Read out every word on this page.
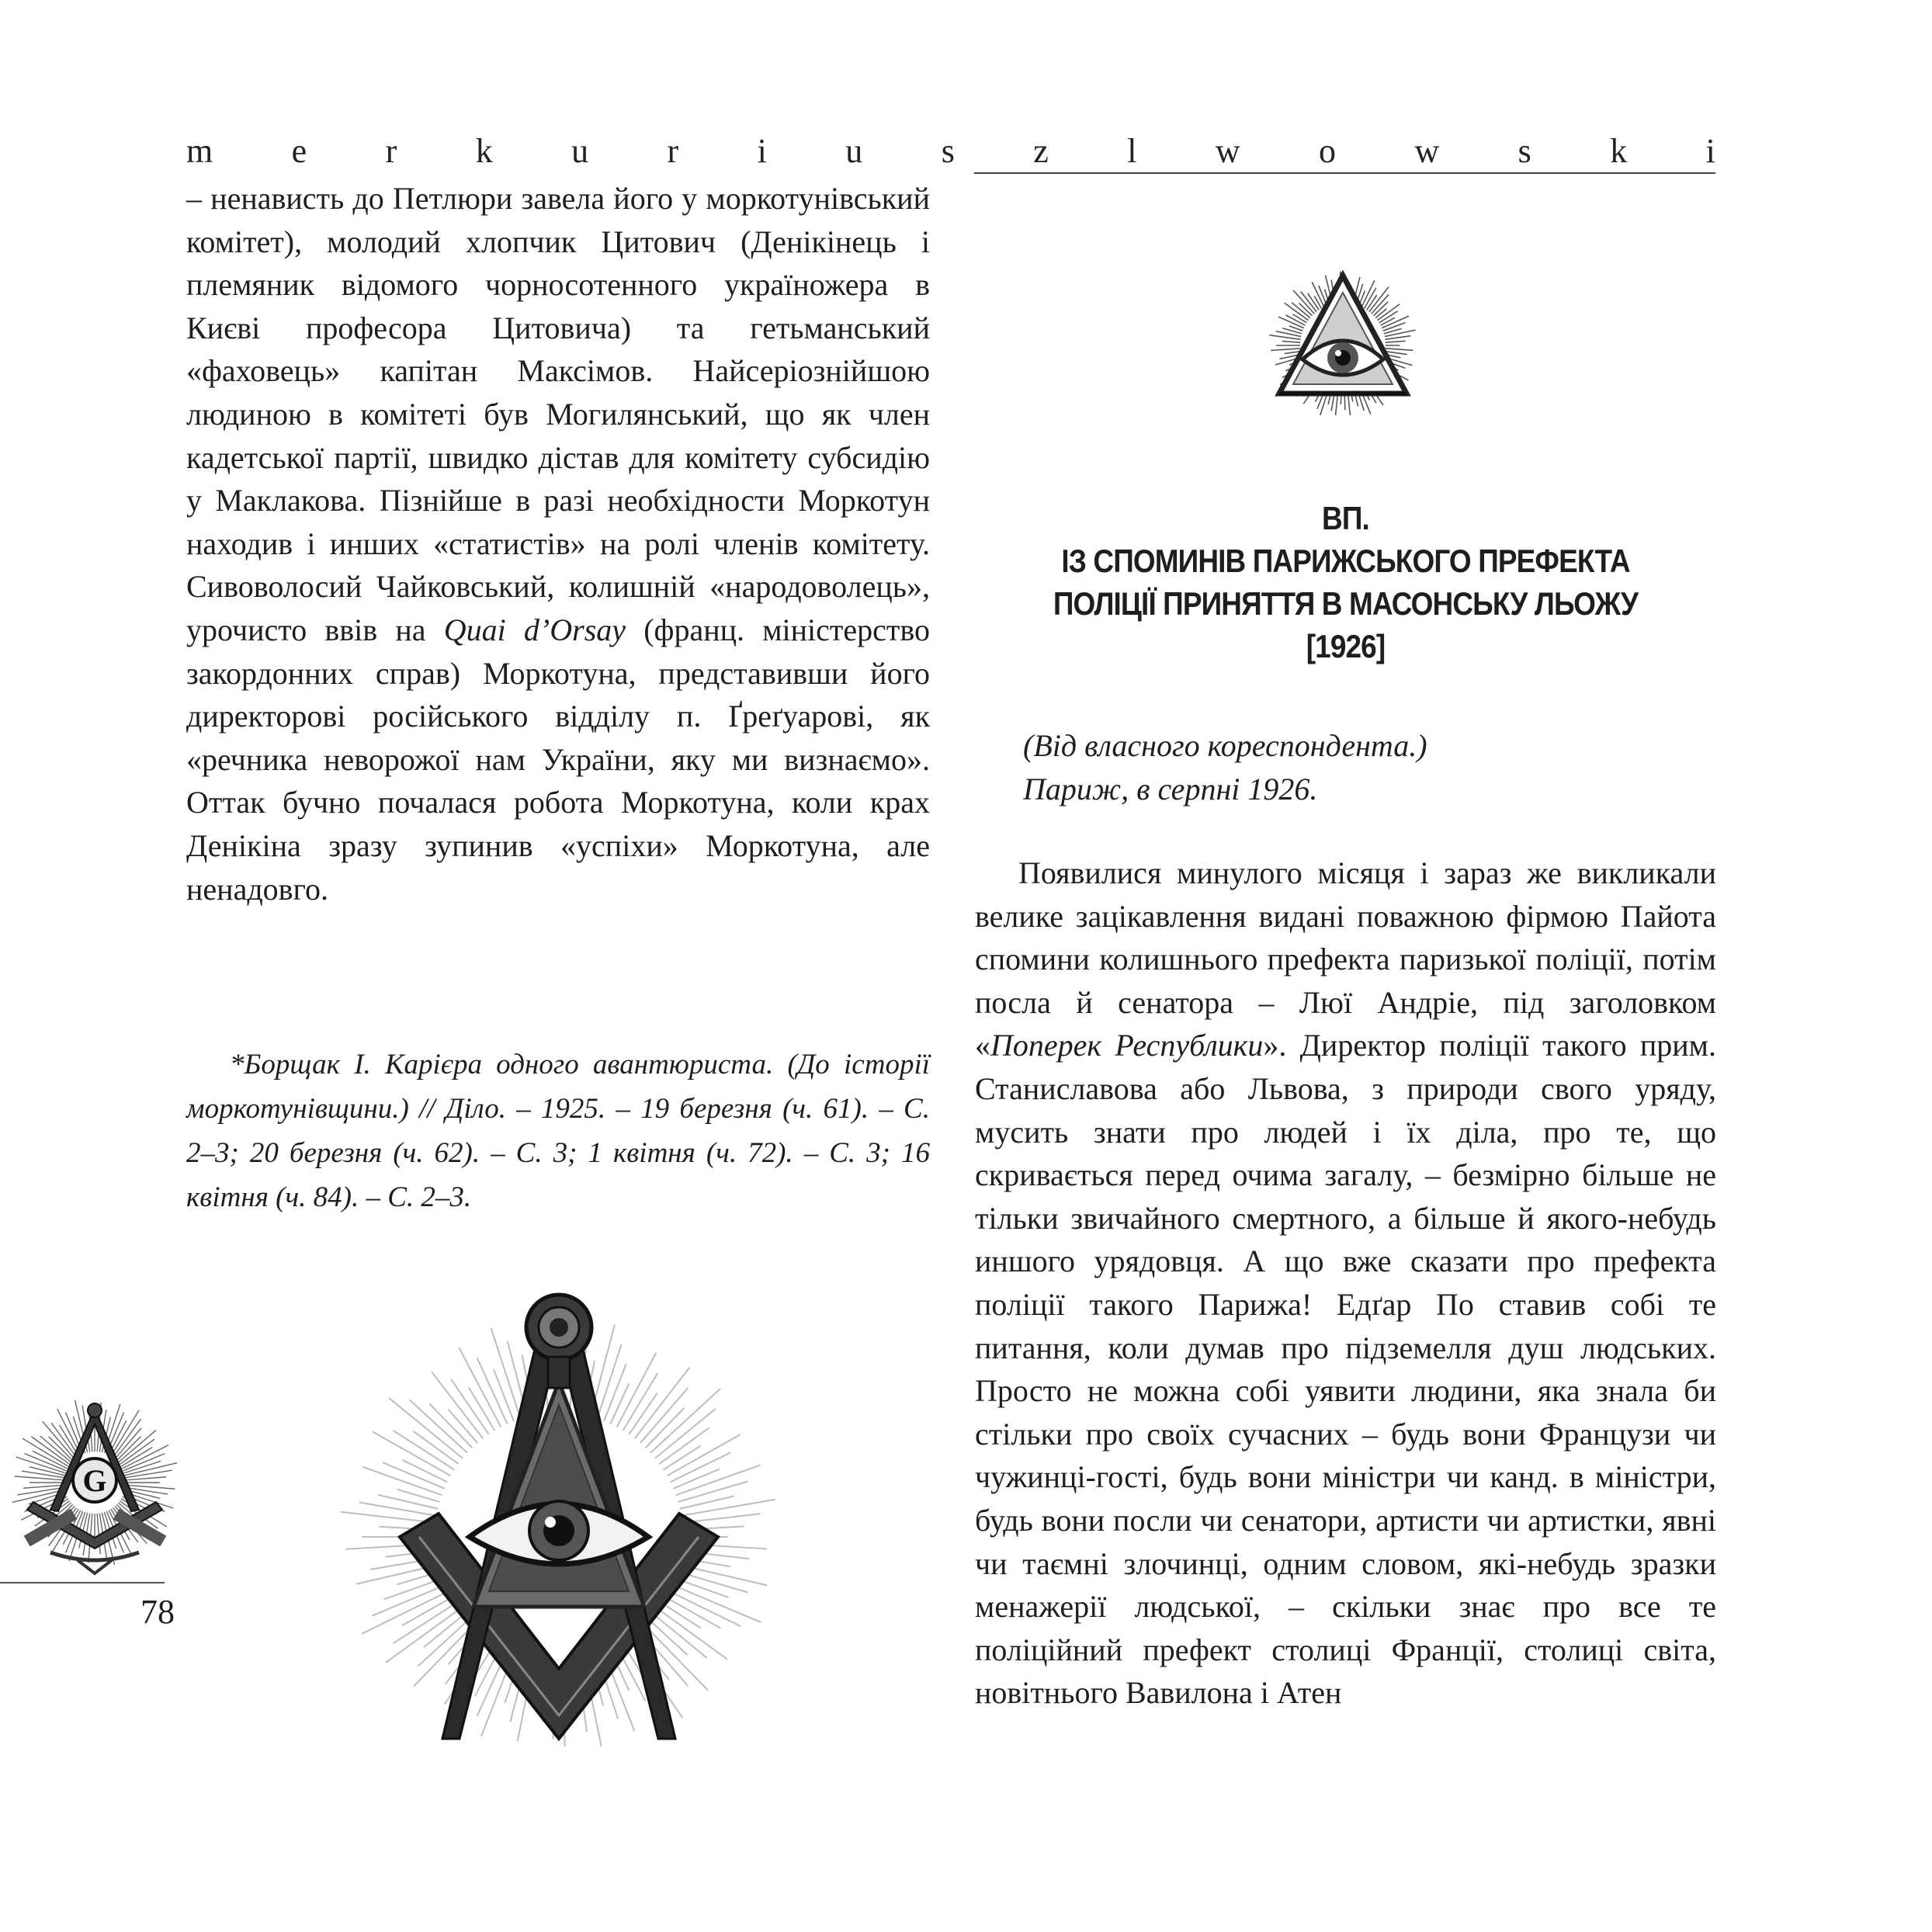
m e r k u r i u s z l w o w s k i

– ненависть до Петлюри завела його у моркотунівський комітет), молодий хлопчик Цитович (Денікінець і племяник відомого чорносотенного україножера в Києві професора Цитовича) та гетьманський «фаховець» капітан Максімов. Найсеріознійшою людиною в комітеті був Могилянський, що як член кадетської партії, швидко дістав для комітету субсидію у Маклакова. Пізнійше в разі необхідности Моркотун находив і инших «статистів» на ролі членів комітету. Сивоволосий Чайковський, колишній «народоволець», урочисто ввів на Quai d’Orsay (франц. міністерство закордонних справ) Моркотуна, представивши його директорові російського відділу п. Ґреґуарові, як «речника неворожої нам України, яку ми визнаємо». Оттак бучно почалася робота Моркотуна, коли крах Денікіна зразу зупинив «успіхи» Моркотуна, але ненадовго.

*Борщак І. Карієра одного авантюриста. (До історії моркотунівщини.) // Діло. – 1925. – 19 березня (ч. 61). – С. 2–3; 20 березня (ч. 62). – С. 3; 1 квітня (ч. 72). – С. 3; 16 квітня (ч. 84). – С. 2–3.
ВП.
ІЗ СПОМИНІВ ПАРИЖСЬКОГО ПРЕФЕКТА
ПОЛІЦІЇ ПРИНЯТТЯ В МАСОНСЬКУ ЛЬОЖУ
[1926]
(Від власного кореспондента.)
Париж, в серпні 1926.

Появилися минулого місяця і зараз же викликали велике зацікавлення видані поважною фірмою Пайота спомини колишнього префекта паризької поліції, потім посла й сенатора – Люї Андріе, під заголовком «Поперек Республики». Директор поліції такого прим. Станиславова або Львова, з природи свого уряду, мусить знати про людей і їх діла, про те, що скривається перед очима загалу, – безмірно більше не тільки звичайного смертного, а більше й якого-небудь иншого урядовця. А що вже сказати про префекта поліції такого Парижа! Едґар По ставив собі те питання, коли думав про підземелля душ людських. Просто не можна собі уявити людини, яка знала би стільки про своїх сучасних – будь вони Французи чи чужинці-гості, будь вони міністри чи канд. в міністри, будь вони посли чи сенатори, артисти чи артистки, явні чи таємні злочинці, одним словом, які-небудь зразки менажерії людської, – скільки знає про все те поліційний префект столиці Франції, столиці світа, новітнього Вавилона і Атен

G
78
